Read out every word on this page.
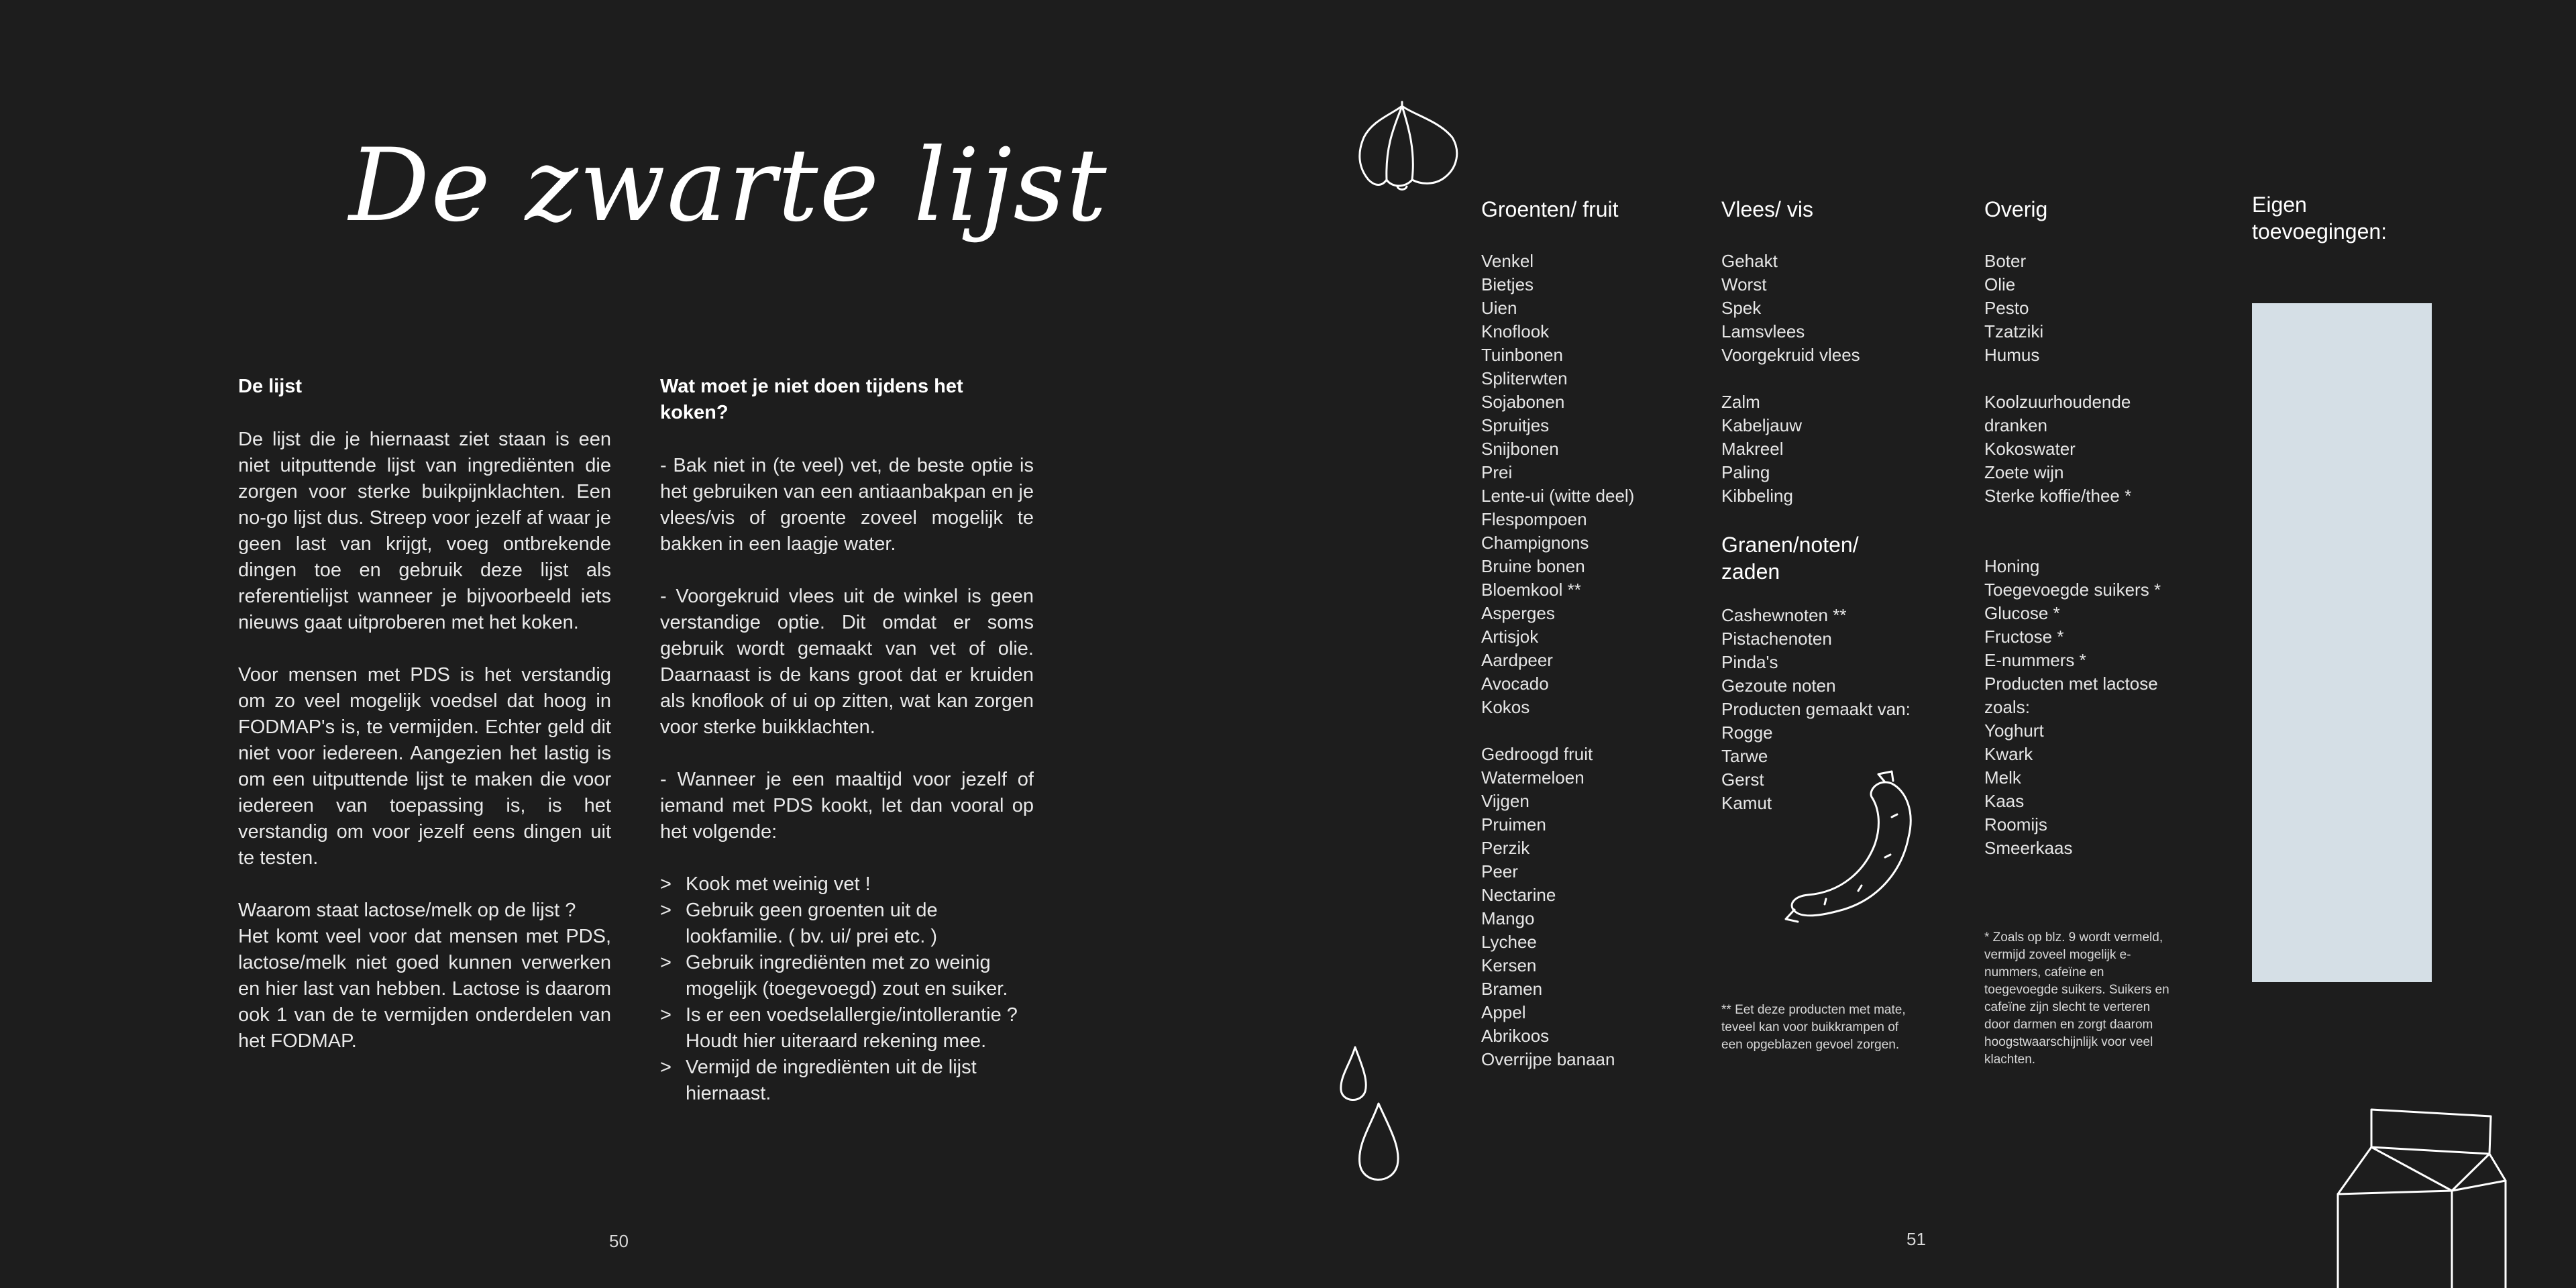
De zwarte lijst
De lijst

De lijst die je hiernaast ziet staan is een niet uitputtende lijst van ingrediënten die zorgen voor sterke buikpijnklachten. Een no-go lijst dus. Streep voor jezelf af waar je geen last van krijgt, voeg ontbrekende dingen toe en gebruik deze lijst als referentielijst wanneer je bijvoorbeeld iets nieuws gaat uitproberen met het koken.

Voor mensen met PDS is het verstandig om zo veel mogelijk voedsel dat hoog in FODMAP's is, te vermijden. Echter geld dit niet voor iedereen. Aangezien het lastig is om een uitputtende lijst te maken die voor iedereen van toepassing is, is het verstandig om voor jezelf eens dingen uit te testen.

Waarom staat lactose/melk op de lijst ?

Het komt veel voor dat mensen met PDS, lactose/melk niet goed kunnen verwerken en hier last van hebben. Lactose is daarom ook 1 van de te vermijden onderdelen van het FODMAP.

Wat moet je niet doen tijdens het koken?

- Bak niet in (te veel) vet, de beste optie is het gebruiken van een antiaanbakpan en je vlees/vis of groente zoveel mogelijk te bakken in een laagje water.

- Voorgekruid vlees uit de winkel is geen verstandige optie. Dit omdat er soms gebruik wordt gemaakt van vet of olie. Daarnaast is de kans groot dat er kruiden als knoflook of ui op zitten, wat kan zorgen voor sterke buikklachten.

- Wanneer je een maaltijd voor jezelf of iemand met PDS kookt, let dan vooral op het volgende:

> Kook met weinig vet !
> Gebruik geen groenten uit de lookfamilie. ( bv. ui/ prei etc. )
> Gebruik ingrediënten met zo weinig mogelijk (toegevoegd) zout en suiker.
> Is er een voedselallergie/intollerantie ? Houdt hier uiteraard rekening mee.
> Vermijd de ingrediënten uit de lijst hiernaast.
50
Groenten/ fruit
Venkel
Bietjes
Uien
Knoflook
Tuinbonen
Spliterwten
Sojabonen
Spruitjes
Snijbonen
Prei
Lente-ui (witte deel)
Flespompoen
Champignons
Bruine bonen
Bloemkool **
Asperges
Artisjok
Aardpeer
Avocado
Kokos
Gedroogd fruit
Watermeloen
Vijgen
Pruimen
Perzik
Peer
Nectarine
Mango
Lychee
Kersen
Bramen
Appel
Abrikoos
Overrijpe banaan
Vlees/ vis
Gehakt
Worst
Spek
Lamsvlees
Voorgekruid vlees
Zalm
Kabeljauw
Makreel
Paling
Kibbeling
Granen/noten/ zaden
Cashewnoten **
Pistachenoten
Pinda's
Gezoute noten
Producten gemaakt van:
Rogge
Tarwe
Gerst
Kamut
** Eet deze producten met mate, teveel kan voor buikkrampen of een opgeblazen gevoel zorgen.
Overig
Boter
Olie
Pesto
Tzatziki
Humus
Koolzuurhoudende
dranken
Kokoswater
Zoete wijn
Sterke koffie/thee *
Honing
Toegevoegde suikers *
Glucose *
Fructose *
E-nummers *
Producten met lactose
zoals:
Yoghurt
Kwark
Melk
Kaas
Roomijs
Smeerkaas
* Zoals op blz. 9 wordt vermeld, vermijd zoveel mogelijk e-nummers, cafeïne en toegevoegde suikers. Suikers en cafeïne zijn slecht te verteren door darmen en zorgt daarom hoogstwaarschijnlijk voor veel klachten.
Eigen toevoegingen:
51
